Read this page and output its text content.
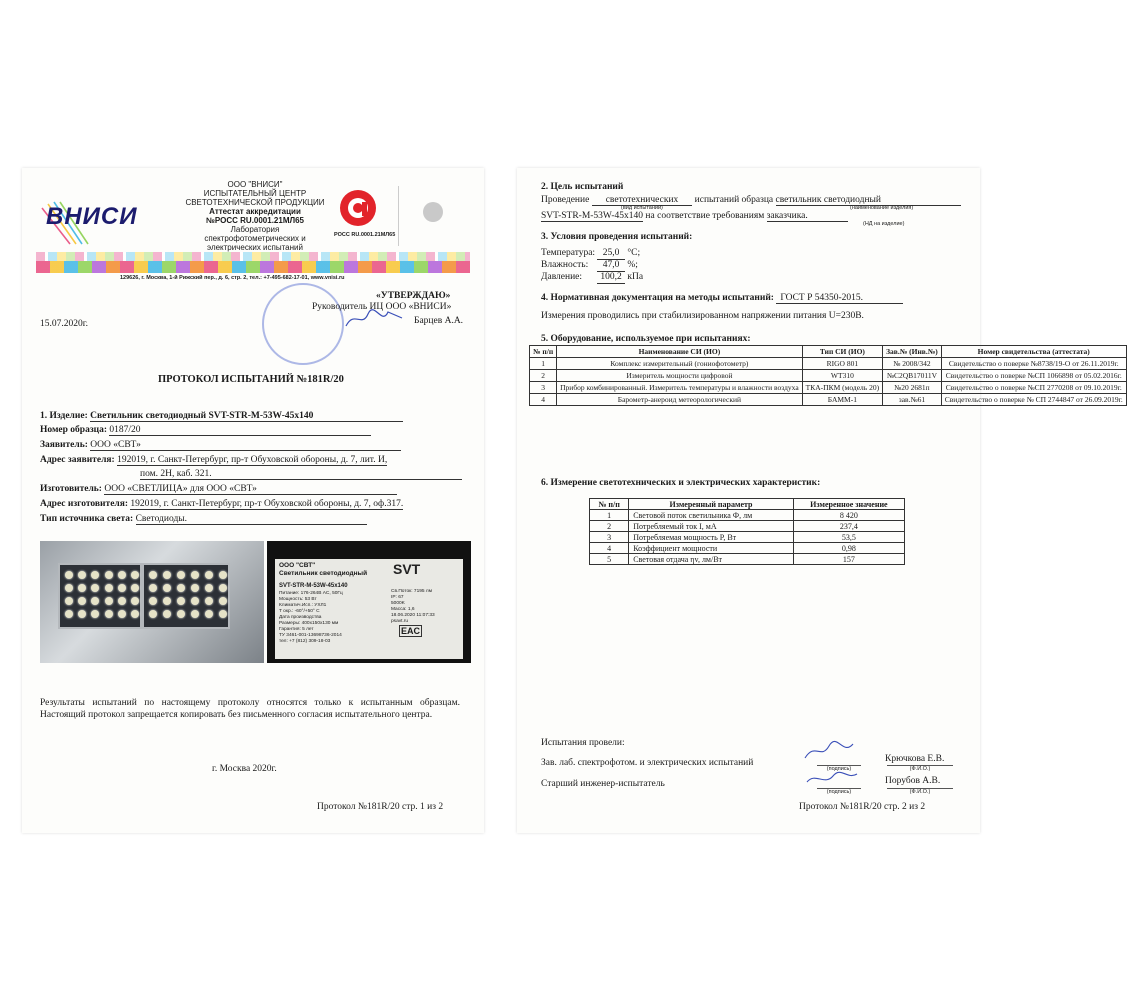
ВНИСИ
ООО "ВНИСИ"
ИСПЫТАТЕЛЬНЫЙ ЦЕНТР
СВЕТОТЕХНИЧЕСКОЙ ПРОДУКЦИИ
Аттестат аккредитации
№РОСС RU.0001.21МЛ65
Лаборатория
спектрофотометрических и
электрических испытаний
РОСС RU.0001.21МЛ65
129626, г. Москва, 1-й Рижский пер., д. 6, стр. 2, тел.: +7-495-682-17-01, www.vnisi.ru
«УТВЕРЖДАЮ»
Руководитель ИЦ ООО «ВНИСИ»
Барцев А.А.
15.07.2020г.
ПРОТОКОЛ ИСПЫТАНИЙ №181R/20
1. Изделие: Светильник светодиодный SVT-STR-M-53W-45x140
Номер образца: 0187/20
Заявитель: ООО «СВТ»
Адрес заявителя: 192019, г. Санкт-Петербург, пр-т Обуховской обороны, д. 7, лит. И,
пом. 2Н, каб. 321.
Изготовитель: ООО «СВЕТЛИЦА» для ООО «СВТ»
Адрес изготовителя: 192019, г. Санкт-Петербург, пр-т Обуховской обороны, д. 7, оф.317.
Тип источника света: Светодиоды.
ООО "СВТ"
Светильник светодиодный SVT
SVT-STR-M-53W-45x140
Питание: 176-264В AC, 50Гц
Мощность: 53 Вт
Климатич.Исп.: УХЛ1
T окр.: -60°/+50° C
Дата производства
Размеры: 400х150х130 мм
Гарантия: 5 лет
ТУ 3461-001-13698736-2014
тел: +7 (812) 309-18-03
Св.Поток: 7195 лм
IP: 67
5000K
Масса: 1,6
18.06.2020 11:07:33
psavt.ru
EAC
Результаты испытаний по настоящему протоколу относятся только к испытанным образцам. Настоящий протокол запрещается копировать без письменного согласия испытательного центра.
г. Москва 2020г.
Протокол №181R/20 стр. 1 из 2
2. Цель испытаний
Проведение светотехнических испытаний образца светильник светодиодный
(вид испытаний)	(наименование изделия)
SVT-STR-M-53W-45x140 на соответствие требованиям заказчика.
(НД на изделие)
3. Условия проведения испытаний:
Температура: 25,0 °C;
Влажность: 47,0 %;
Давление: 100,2 кПа
4. Нормативная документация на методы испытаний: ГОСТ Р 54350-2015.
Измерения проводились при стабилизированном напряжении питания U=230В.
5. Оборудование, используемое при испытаниях:
№ п/п	Наименование СИ (ИО)	Тип СИ (ИО)	Зав.№ (Инв.№)	Номер свидетельства (аттестата)
1	Комплекс измерительный (гониофотометр)	RIGO 801	№ 2008/342	Свидетельство о поверке №8738/19-О от 26.11.2019г.
2	Измеритель мощности цифровой	WT310	№C2QB17011V	Свидетельство о поверке №СП 1066898 от 05.02.2016г.
3	Прибор комбинированный. Измеритель температуры и влажности воздуха	ТКА-ПКМ (модель 20)	№20 2681п	Свидетельство о поверке №СП 2770208 от 09.10.2019г.
4	Барометр-анероид метеорологический	БАММ-1	зав.№61	Свидетельство о поверке № СП 2744847 от 26.09.2019г.
6. Измерение светотехнических и электрических характеристик:
№ п/п	Измеренный параметр	Измеренное значение
1	Световой поток светильника Ф, лм	8 420
2	Потребляемый ток I, мА	237,4
3	Потребляемая мощность P, Вт	53,5
4	Коэффициент мощности	0,98
5	Световая отдача ηv, лм/Вт	157
Испытания провели:
Зав. лаб. спектрофотом. и электрических испытаний
(подпись)
Крючкова Е.В.
(Ф.И.О.)
Старший инженер-испытатель
(подпись)
Порубов А.В.
(Ф.И.О.)
Протокол №181R/20 стр. 2 из 2
